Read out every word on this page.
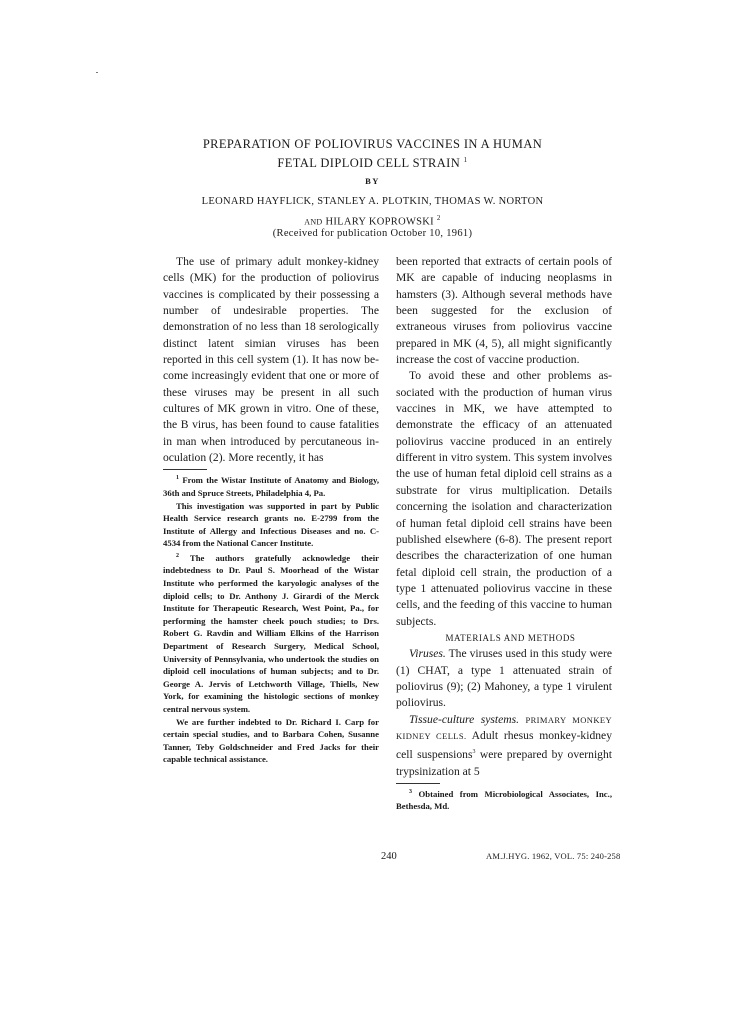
PREPARATION OF POLIOVIRUS VACCINES IN A HUMAN
FETAL DIPLOID CELL STRAIN $^1$
BY
LEONARD HAYFLICK, STANLEY A. PLOTKIN, THOMAS W. NORTON
AND HILARY KOPROWSKI $^2$
(Received for publication October 10, 1961)

The use of primary adult monkey-kidney cells (MK) for the production of poliovirus vaccines is complicated by their possessing a number of undesirable properties. The demonstration of no less than 18 serologically distinct latent simian viruses has been reported in this cell system (1). It has now become increasingly evident that one or more of these viruses may be present in all such cultures of MK grown in vitro. One of these, the B virus, has been found to cause fatalities in man when introduced by percutaneous inoculation (2). More recently, it has

$^1$ From the Wistar Institute of Anatomy and Biology, 36th and Spruce Streets, Philadelphia 4, Pa.

This investigation was supported in part by Public Health Service research grants no. E-2799 from the Institute of Allergy and Infectious Diseases and no. C-4534 from the National Cancer Institute.

$^2$ The authors gratefully acknowledge their indebtedness to Dr. Paul S. Moorhead of the Wistar Institute who performed the karyologic analyses of the diploid cells; to Dr. Anthony J. Girardi of the Merck Institute for Therapeutic Research, West Point, Pa., for performing the hamster cheek pouch studies; to Drs. Robert G. Ravdin and William Elkins of the Harrison Department of Research Surgery, Medical School, University of Pennsylvania, who undertook the studies on diploid cell inoculations of human subjects; and to Dr. George A. Jervis of Letchworth Village, Thiells, New York, for examining the histologic sections of monkey central nervous system.

We are further indebted to Dr. Richard I. Carp for certain special studies, and to Barbara Cohen, Susanne Tanner, Teby Goldschneider and Fred Jacks for their capable technical assistance.

been reported that extracts of certain pools of MK are capable of inducing neoplasms in hamsters (3). Although several methods have been suggested for the exclusion of extraneous viruses from poliovirus vaccine prepared in MK (4, 5), all might significantly increase the cost of vaccine production.

To avoid these and other problems associated with the production of human virus vaccines in MK, we have attempted to demonstrate the efficacy of an attenuated poliovirus vaccine produced in an entirely different in vitro system. This system involves the use of human fetal diploid cell strains as a substrate for virus multiplication. Details concerning the isolation and characterization of human fetal diploid cell strains have been published elsewhere (6-8). The present report describes the characterization of one human fetal diploid cell strain, the production of a type 1 attenuated poliovirus vaccine in these cells, and the feeding of this vaccine to human subjects.

MATERIALS AND METHODS

Viruses. The viruses used in this study were (1) CHAT, a type 1 attenuated strain of poliovirus (9); (2) Mahoney, a type 1 virulent poliovirus.

Tissue-culture systems. PRIMARY MONKEY KIDNEY CELLS. Adult rhesus monkey-kidney cell suspensions$^3$ were prepared by overnight trypsinization at 5

$^3$ Obtained from Microbiological Associates, Inc., Bethesda, Md.

240	AM.J.HYG. 1962, VOL. 75: 240-258
